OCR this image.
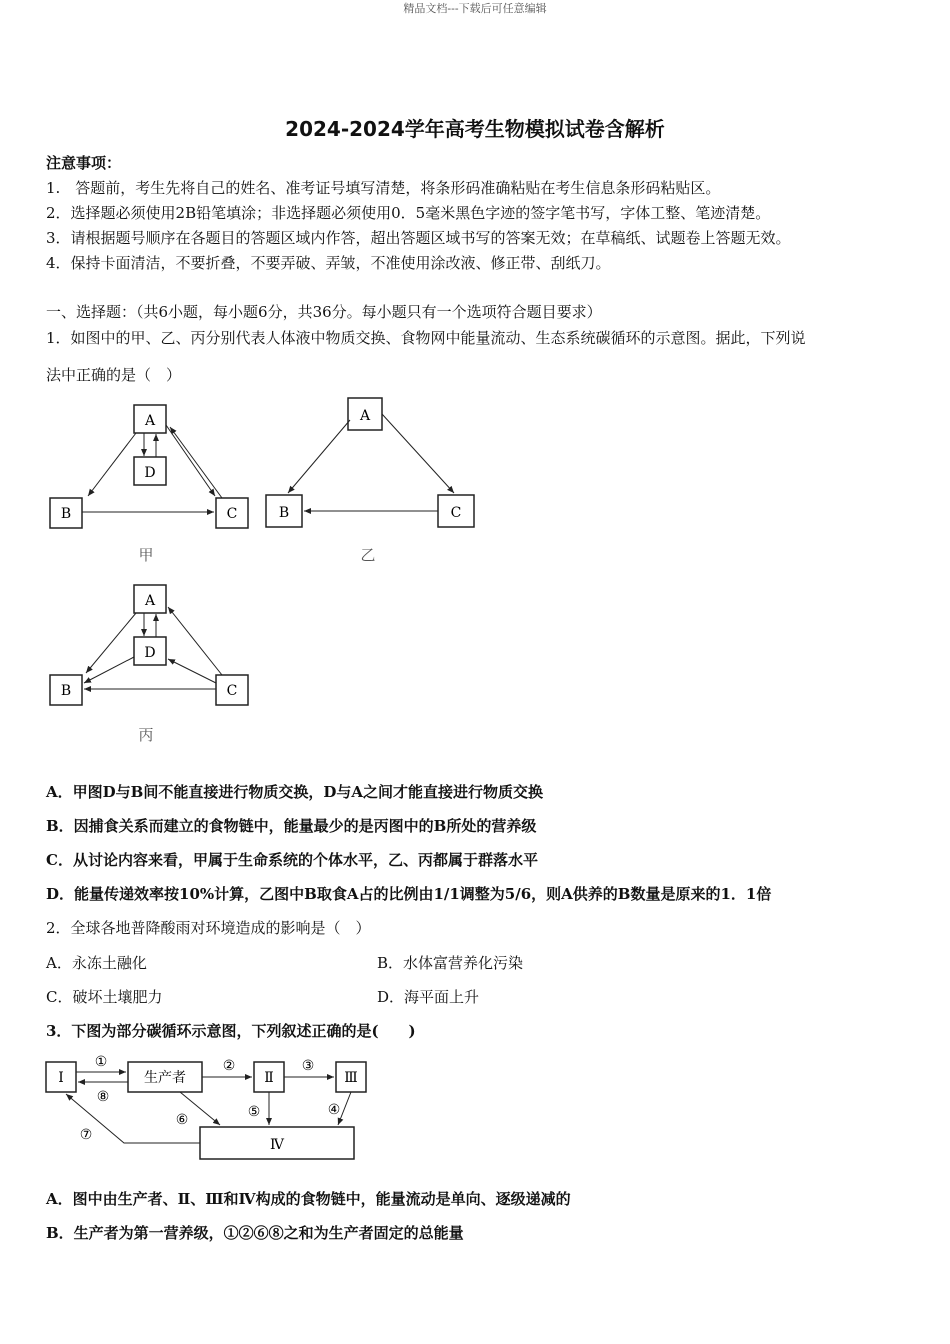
精品文档---下载后可任意编辑
2024-2024学年高考生物模拟试卷含解析
注意事项：
1.　答题前，考生先将自己的姓名、准考证号填写清楚，将条形码准确粘贴在考生信息条形码粘贴区。
2．选择题必须使用2B铅笔填涂；非选择题必须使用0．5毫米黑色字迹的签字笔书写，字体工整、笔迹清楚。
3．请根据题号顺序在各题目的答题区域内作答，超出答题区域书写的答案无效；在草稿纸、试题卷上答题无效。
4．保持卡面清洁，不要折叠，不要弄破、弄皱，不准使用涂改液、修正带、刮纸刀。
一、选择题：（共6小题，每小题6分，共36分。每小题只有一个选项符合题目要求）
1．如图中的甲、乙、丙分别代表人体液中物质交换、食物网中能量流动、生态系统碳循环的示意图。据此，下列说
法中正确的是（　）
A
B	C
D
甲
A
B	C
乙
A
B	C
D
丙
A．甲图D与B间不能直接进行物质交换，D与A之间才能直接进行物质交换
B．因捕食关系而建立的食物链中，能量最少的是丙图中的B所处的营养级
C．从讨论内容来看，甲属于生命系统的个体水平，乙、丙都属于群落水平
D．能量传递效率按10%计算，乙图中B取食A占的比例由1/1调整为5/6，则A供养的B数量是原来的1．1倍
2．全球各地普降酸雨对环境造成的影响是（　）
A．永冻土融化	B．水体富营养化污染
C．破坏土壤肥力	D．海平面上升
3．下图为部分碳循环示意图，下列叙述正确的是(　　)
Ⅰ	生产者	Ⅱ	Ⅲ
Ⅳ
①	②	③
④
⑤
⑥
⑦
⑧
A．图中由生产者、Ⅱ、Ⅲ和Ⅳ构成的食物链中，能量流动是单向、逐级递减的
B．生产者为第一营养级，①②⑥⑧之和为生产者固定的总能量
